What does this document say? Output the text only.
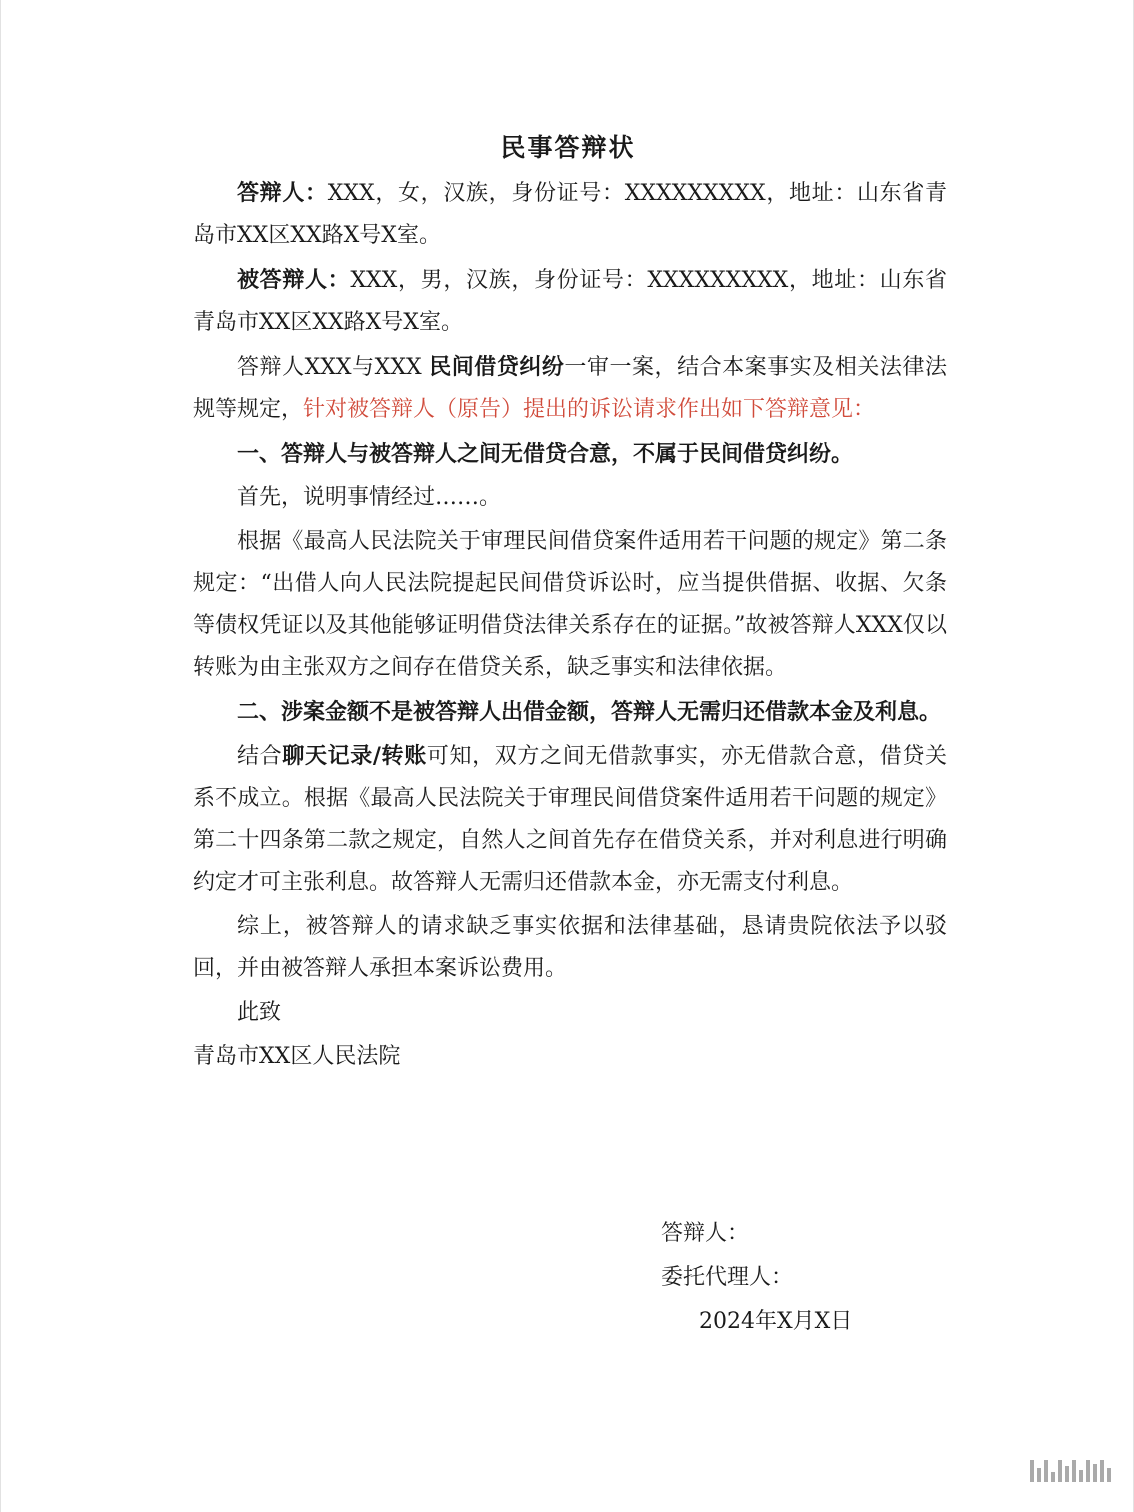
民事答辩状

答辩人：XXX，女，汉族，身份证号：XXXXXXXXX，地址：山东省青岛市XX区XX路X号X室。

被答辩人：XXX，男，汉族，身份证号：XXXXXXXXX，地址：山东省青岛市XX区XX路X号X室。

答辩人XXX与XXX 民间借贷纠纷一审一案，结合本案事实及相关法律法规等规定，针对被答辩人（原告）提出的诉讼请求作出如下答辩意见：

一、答辩人与被答辩人之间无借贷合意，不属于民间借贷纠纷。

首先，说明事情经过……。

根据《最高人民法院关于审理民间借贷案件适用若干问题的规定》第二条规定：“出借人向人民法院提起民间借贷诉讼时，应当提供借据、收据、欠条等债权凭证以及其他能够证明借贷法律关系存在的证据。”故被答辩人XXX仅以转账为由主张双方之间存在借贷关系，缺乏事实和法律依据。

二、涉案金额不是被答辩人出借金额，答辩人无需归还借款本金及利息。

结合聊天记录/转账可知，双方之间无借款事实，亦无借款合意，借贷关系不成立。根据《最高人民法院关于审理民间借贷案件适用若干问题的规定》第二十四条第二款之规定，自然人之间首先存在借贷关系，并对利息进行明确约定才可主张利息。故答辩人无需归还借款本金，亦无需支付利息。

综上，被答辩人的请求缺乏事实依据和法律基础，恳请贵院依法予以驳回，并由被答辩人承担本案诉讼费用。

此致

青岛市XX区人民法院

答辩人：
委托代理人：
2024年X月X日
